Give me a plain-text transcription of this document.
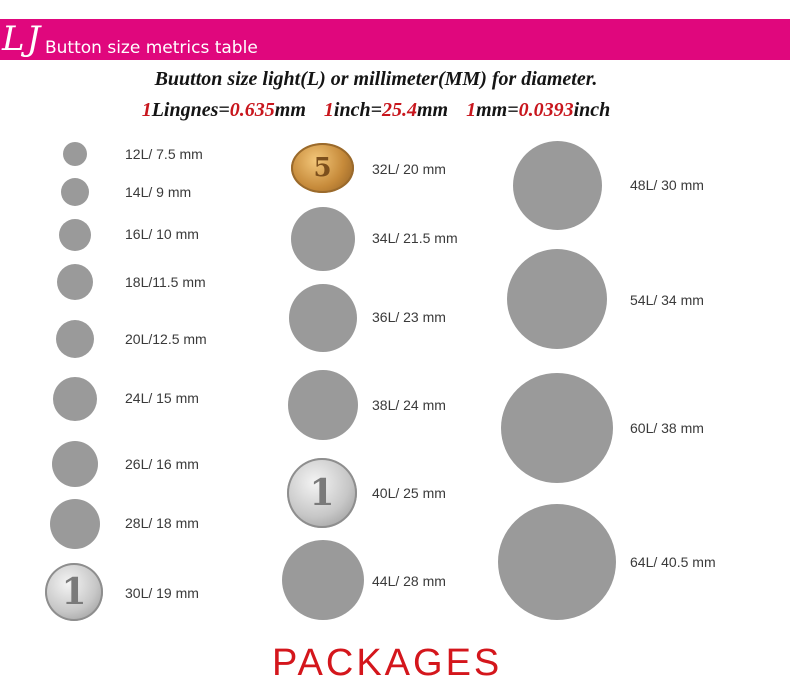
LJ Button size metrics table
Buutton size light(L) or millimeter(MM) for diameter.
1Lingnes=0.635mm 1inch=25.4mm 1mm=0.0393inch
12L/ 7.5 mm
14L/ 9 mm
16L/ 10 mm
18L/11.5 mm
20L/12.5 mm
24L/ 15 mm
26L/ 16 mm
28L/ 18 mm
1	30L/ 19 mm
5	32L/ 20 mm
34L/ 21.5 mm
36L/ 23 mm
38L/ 24 mm
1	40L/ 25 mm
44L/ 28 mm
48L/ 30 mm
54L/ 34 mm
60L/ 38 mm
64L/ 40.5 mm
PACKAGES
